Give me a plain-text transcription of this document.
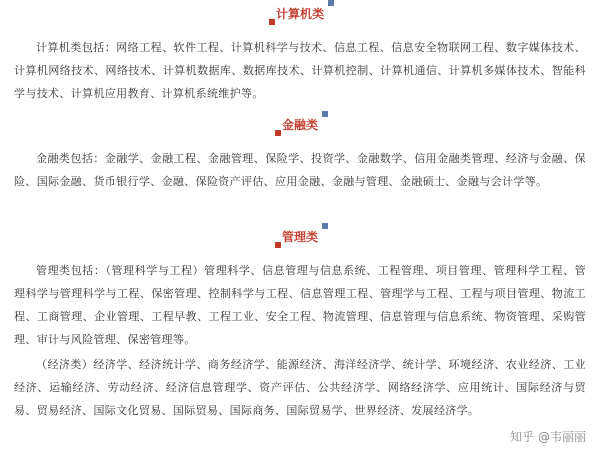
计算机类

计算机类包括：网络工程、软件工程、计算机科学与技术、信息工程、信息安全物联网工程、数字媒体技术、计算机网络技术、网络技术、计算机数据库、数据库技术、计算机控制、计算机通信、计算机多媒体技术、智能科学与技术、计算机应用教育、计算机系统维护等。

金融类

金融类包括：金融学、金融工程、金融管理、保险学、投资学、金融数学、信用金融类管理、经济与金融、保险、国际金融、货币银行学、金融、保险资产评估、应用金融、金融与管理、金融硕士、金融与会计学等。

管理类

管理类包括：（管理科学与工程）管理科学、信息管理与信息系统、工程管理、项目管理、管理科学工程、管理科学与管理科学与工程、保密管理、控制科学与工程、信息管理工程、管理学与工程、工程与项目管理、物流工程、工商管理、企业管理、工程早教、工程工业、安全工程、物流管理、信息管理与信息系统、物资管理、采购管理、审计与风险管理、保密管理等。

（经济类）经济学、经济统计学、商务经济学、能源经济、海洋经济学、统计学、环境经济、农业经济、工业经济、运输经济、劳动经济、经济信息管理学、资产评估、公共经济学、网络经济学、应用统计、国际经济与贸易、贸易经济、国际文化贸易、国际贸易、国际商务、国际贸易学、世界经济、发展经济学。

知乎 @韦丽丽
